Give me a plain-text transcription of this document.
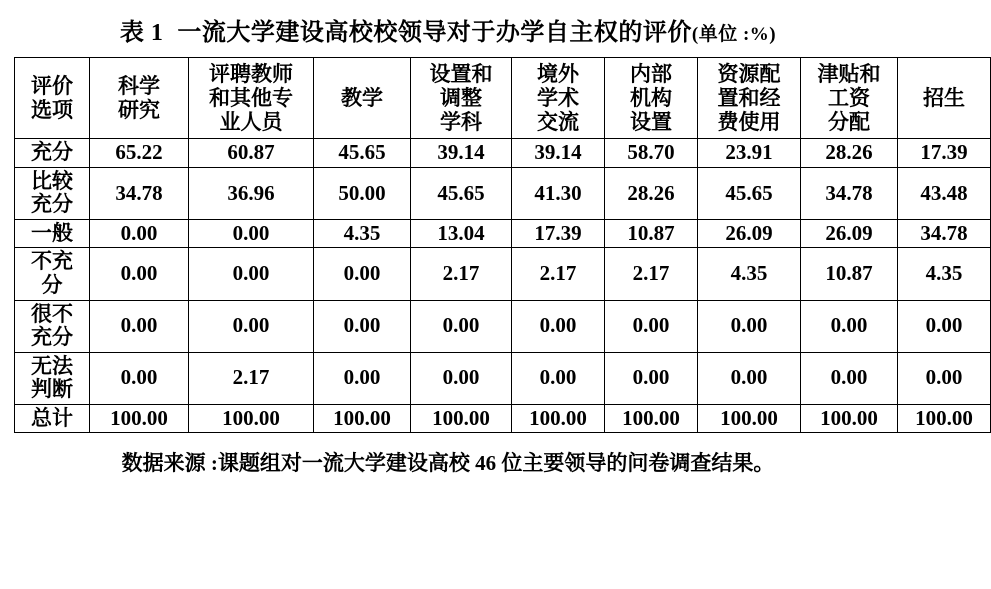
表 1 一流大学建设高校校领导对于办学自主权的评价(单位 :%)
评价
选项	科学
研究	评聘教师
和其他专
业人员	教学	设置和
调整
学科	境外
学术
交流	内部
机构
设置	资源配
置和经
费使用	津贴和
工资
分配	招生
充分	65.22	60.87	45.65	39.14	39.14	58.70	23.91	28.26	17.39
比较
充分	34.78	36.96	50.00	45.65	41.30	28.26	45.65	34.78	43.48
一般	0.00	0.00	4.35	13.04	17.39	10.87	26.09	26.09	34.78
不充
分	0.00	0.00	0.00	2.17	2.17	2.17	4.35	10.87	4.35
很不
充分	0.00	0.00	0.00	0.00	0.00	0.00	0.00	0.00	0.00
无法
判断	0.00	2.17	0.00	0.00	0.00	0.00	0.00	0.00	0.00
总计	100.00	100.00	100.00	100.00	100.00	100.00	100.00	100.00	100.00
数据来源 :课题组对一流大学建设高校 46 位主要领导的问卷调查结果。
